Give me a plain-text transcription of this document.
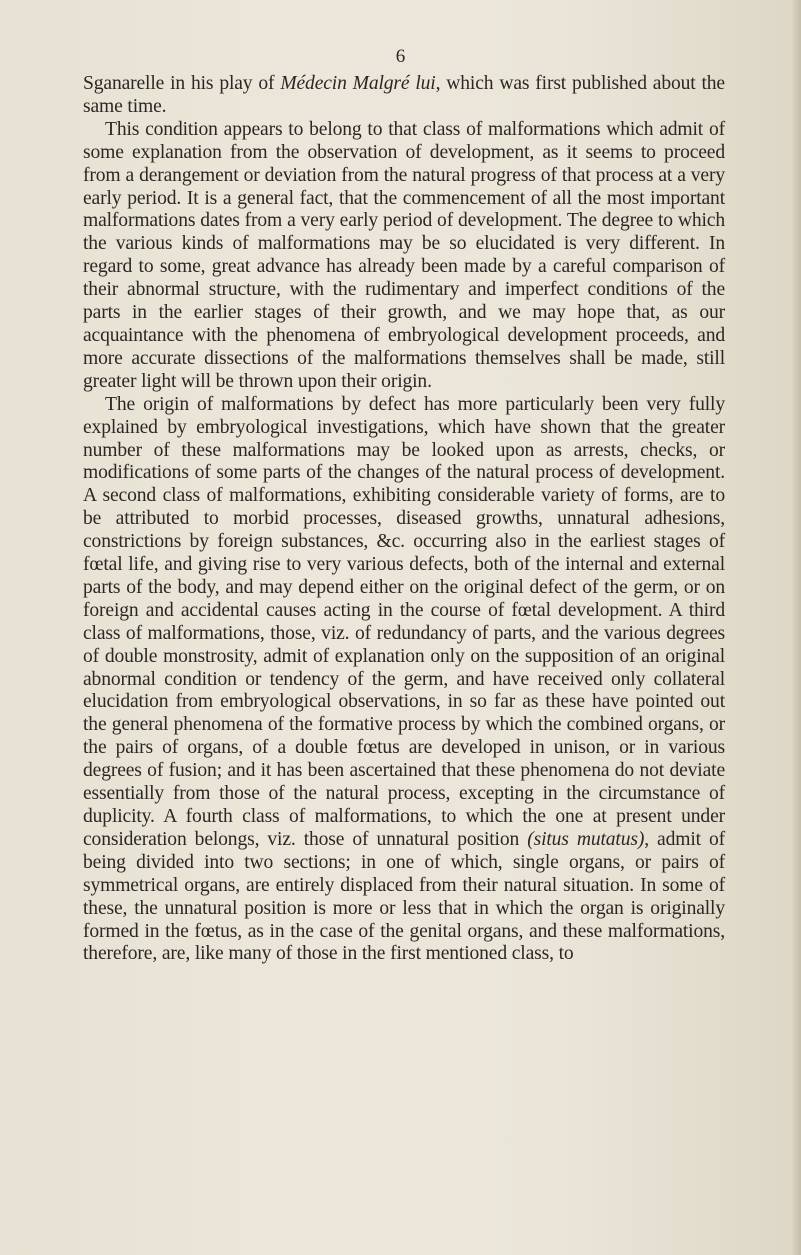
6

Sganarelle in his play of Médecin Malgré lui, which was first published about the same time.

This condition appears to belong to that class of malformations which admit of some explanation from the observation of development, as it seems to proceed from a derangement or deviation from the natural progress of that process at a very early period. It is a general fact, that the commencement of all the most important malformations dates from a very early period of development. The degree to which the various kinds of malformations may be so elucidated is very different. In regard to some, great advance has already been made by a careful comparison of their abnormal structure, with the rudimentary and imperfect conditions of the parts in the earlier stages of their growth, and we may hope that, as our acquaintance with the phenomena of embryological development proceeds, and more accurate dissections of the malformations themselves shall be made, still greater light will be thrown upon their origin.

The origin of malformations by defect has more particularly been very fully explained by embryological investigations, which have shown that the greater number of these malformations may be looked upon as arrests, checks, or modifications of some parts of the changes of the natural process of development. A second class of malformations, exhibiting considerable variety of forms, are to be attributed to morbid processes, diseased growths, unnatural adhesions, constrictions by foreign substances, &c. occurring also in the earliest stages of fœtal life, and giving rise to very various defects, both of the internal and external parts of the body, and may depend either on the original defect of the germ, or on foreign and accidental causes acting in the course of fœtal development. A third class of malformations, those, viz. of redundancy of parts, and the various degrees of double monstrosity, admit of explanation only on the supposition of an original abnormal condition or tendency of the germ, and have received only collateral elucidation from embryological observations, in so far as these have pointed out the general phenomena of the formative process by which the combined organs, or the pairs of organs, of a double fœtus are developed in unison, or in various degrees of fusion; and it has been ascertained that these phenomena do not deviate essentially from those of the natural process, excepting in the circumstance of duplicity. A fourth class of malformations, to which the one at present under consideration belongs, viz. those of unnatural position (situs mutatus), admit of being divided into two sections; in one of which, single organs, or pairs of symmetrical organs, are entirely displaced from their natural situation. In some of these, the unnatural position is more or less that in which the organ is originally formed in the fœtus, as in the case of the genital organs, and these malformations, therefore, are, like many of those in the first mentioned class, to
